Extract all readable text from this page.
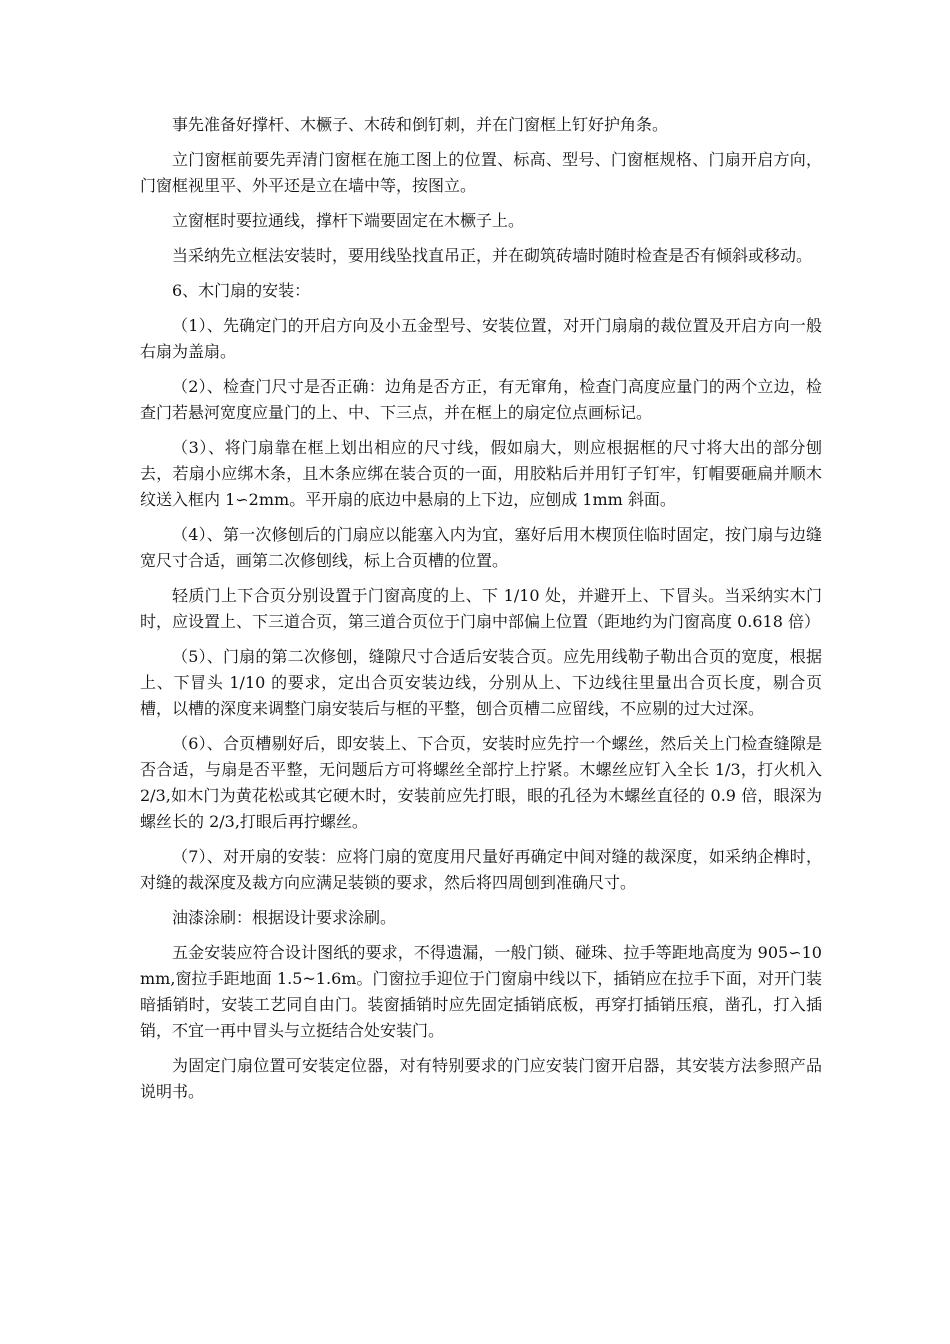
事先准备好撑杆、木橛子、木砖和倒钉刺，并在门窗框上钉好护角条。

立门窗框前要先弄清门窗框在施工图上的位置、标高、型号、门窗框规格、门扇开启方向，门窗框视里平、外平还是立在墙中等，按图立。

立窗框时要拉通线，撑杆下端要固定在木橛子上。

当采纳先立框法安装时，要用线坠找直吊正，并在砌筑砖墙时随时检查是否有倾斜或移动。

6、木门扇的安装：

（1）、先确定门的开启方向及小五金型号、安装位置，对开门扇扇的裁位置及开启方向一般右扇为盖扇。

（2）、检查门尺寸是否正确：边角是否方正，有无窜角，检查门高度应量门的两个立边，检查门若悬河宽度应量门的上、中、下三点，并在框上的扇定位点画标记。

（3）、将门扇靠在框上划出相应的尺寸线，假如扇大，则应根据框的尺寸将大出的部分刨去，若扇小应绑木条，且木条应绑在装合页的一面，用胶粘后并用钉子钉牢，钉帽要砸扁并顺木纹送入框内 1∽2mm。平开扇的底边中悬扇的上下边，应刨成 1mm 斜面。

（4）、第一次修刨后的门扇应以能塞入内为宜，塞好后用木楔顶住临时固定，按门扇与边缝宽尺寸合适，画第二次修刨线，标上合页槽的位置。

轻质门上下合页分别设置于门窗高度的上、下 1/10 处，并避开上、下冒头。当采纳实木门时，应设置上、下三道合页，第三道合页位于门扇中部偏上位置（距地约为门窗高度 0.618 倍）

（5）、门扇的第二次修刨，缝隙尺寸合适后安装合页。应先用线勒子勒出合页的宽度，根据上、下冒头 1/10 的要求，定出合页安装边线，分别从上、下边线往里量出合页长度，剔合页槽，以槽的深度来调整门扇安装后与框的平整，刨合页槽二应留线，不应剔的过大过深。

（6）、合页槽剔好后，即安装上、下合页，安装时应先拧一个螺丝，然后关上门检查缝隙是否合适，与扇是否平整，无问题后方可将螺丝全部拧上拧紧。木螺丝应钉入全长 1/3，打火机入 2/3,如木门为黄花松或其它硬木时，安装前应先打眼，眼的孔径为木螺丝直径的 0.9 倍，眼深为螺丝长的 2/3,打眼后再拧螺丝。

（7）、对开扇的安装：应将门扇的宽度用尺量好再确定中间对缝的裁深度，如采纳企榫时，对缝的裁深度及裁方向应满足装锁的要求，然后将四周刨到准确尺寸。

油漆涂刷：根据设计要求涂刷。

五金安装应符合设计图纸的要求，不得遗漏，一般门锁、碰珠、拉手等距地高度为 905∽10mm,窗拉手距地面 1.5~1.6m。门窗拉手迎位于门窗扇中线以下，插销应在拉手下面，对开门装暗插销时，安装工艺同自由门。装窗插销时应先固定插销底板，再穿打插销压痕，凿孔，打入插销，不宜一再中冒头与立挺结合处安装门。

为固定门扇位置可安装定位器，对有特别要求的门应安装门窗开启器，其安装方法参照产品说明书。
